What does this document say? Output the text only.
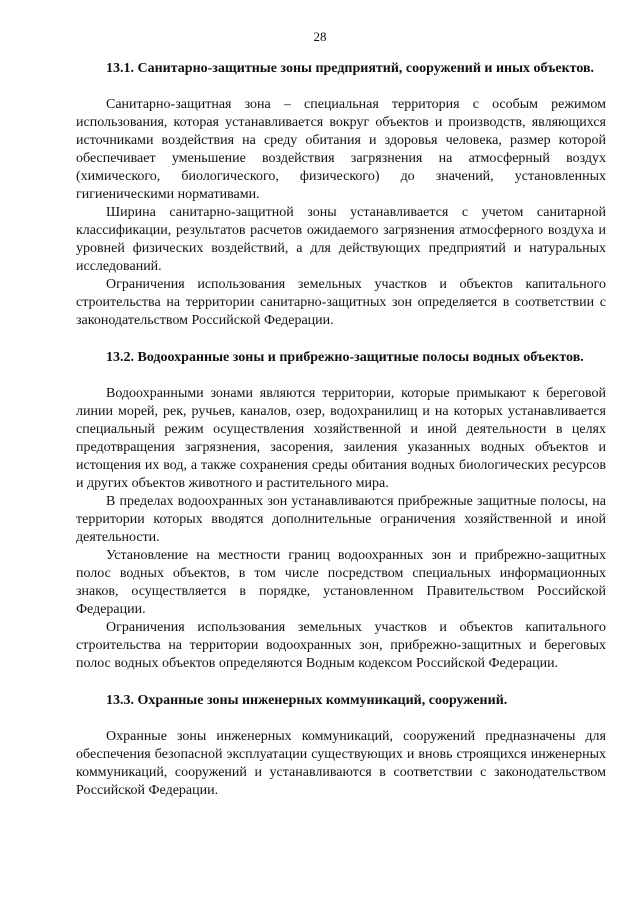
28

13.1. Санитарно-защитные зоны предприятий, сооружений и иных объектов.

Санитарно-защитная зона – специальная территория с особым режимом использования, которая устанавливается вокруг объектов и производств, являющихся источниками воздействия на среду обитания и здоровья человека, размер которой обеспечивает уменьшение воздействия загрязнения на атмосферный воздух (химического, биологического, физического) до значений, установленных гигиеническими нормативами.

Ширина санитарно-защитной зоны устанавливается с учетом санитарной классификации, результатов расчетов ожидаемого загрязнения атмосферного воздуха и уровней физических воздействий, а для действующих предприятий и натуральных исследований.

Ограничения использования земельных участков и объектов капитального строительства на территории санитарно-защитных зон определяется в соответствии с законодательством Российской Федерации.

13.2. Водоохранные зоны и прибрежно-защитные полосы водных объектов.

Водоохранными зонами являются территории, которые примыкают к береговой линии морей, рек, ручьев, каналов, озер, водохранилищ и на которых устанавливается специальный режим осуществления хозяйственной и иной деятельности в целях предотвращения загрязнения, засорения, заиления указанных водных объектов и истощения их вод, а также сохранения среды обитания водных биологических ресурсов и других объектов животного и растительного мира.

В пределах водоохранных зон устанавливаются прибрежные защитные полосы, на территории которых вводятся дополнительные ограничения хозяйственной и иной деятельности.

Установление на местности границ водоохранных зон и прибрежно-защитных полос водных объектов, в том числе посредством специальных информационных знаков, осуществляется в порядке, установленном Правительством Российской Федерации.

Ограничения использования земельных участков и объектов капитального строительства на территории водоохранных зон, прибрежно-защитных и береговых полос водных объектов определяются Водным кодексом Российской Федерации.

13.3. Охранные зоны инженерных коммуникаций, сооружений.

Охранные зоны инженерных коммуникаций, сооружений предназначены для обеспечения безопасной эксплуатации существующих и вновь строящихся инженерных коммуникаций, сооружений и устанавливаются в соответствии с законодательством Российской Федерации.
